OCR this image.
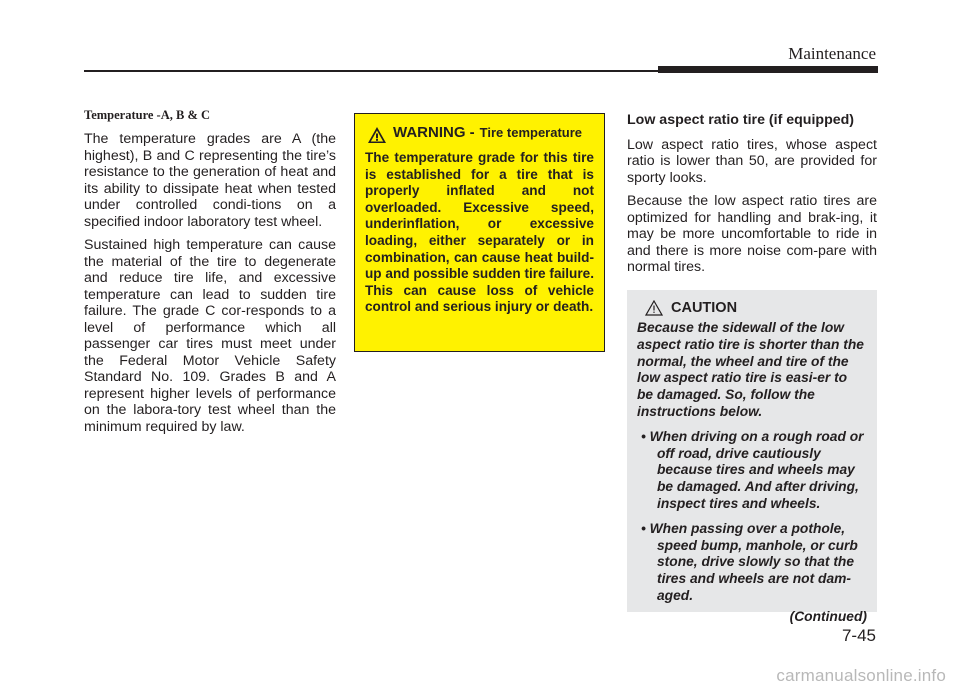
Maintenance
Temperature -A, B & C

The temperature grades are A (the highest), B and C representing the tire’s resistance to the generation of heat and its ability to dissipate heat when tested under controlled condi-tions on a specified indoor laboratory test wheel.

Sustained high temperature can cause the material of the tire to degenerate and reduce tire life, and excessive temperature can lead to sudden tire failure. The grade C cor-responds to a level of performance which all passenger car tires must meet under the Federal Motor Vehicle Safety Standard No. 109. Grades B and A represent higher levels of performance on the labora-tory test wheel than the minimum required by law.

WARNING - Tire temperature

The temperature grade for this tire is established for a tire that is properly inflated and not overloaded. Excessive speed, underinflation, or excessive loading, either separately or in combination, can cause heat build-up and possible sudden tire failure. This can cause loss of vehicle control and serious injury or death.

Low aspect ratio tire (if equipped)

Low aspect ratio tires, whose aspect ratio is lower than 50, are provided for sporty looks.

Because the low aspect ratio tires are optimized for handling and brak-ing, it may be more uncomfortable to ride in and there is more noise com-pare with normal tires.

CAUTION

Because the sidewall of the low aspect ratio tire is shorter than the normal, the wheel and tire of the low aspect ratio tire is easi-er to be damaged. So, follow the instructions below.

• When driving on a rough road or off road, drive cautiously because tires and wheels may be damaged. And after driving, inspect tires and wheels.
• When passing over a pothole, speed bump, manhole, or curb stone, drive slowly so that the tires and wheels are not dam-aged.
(Continued)
7-45
carmanualsonline.info
